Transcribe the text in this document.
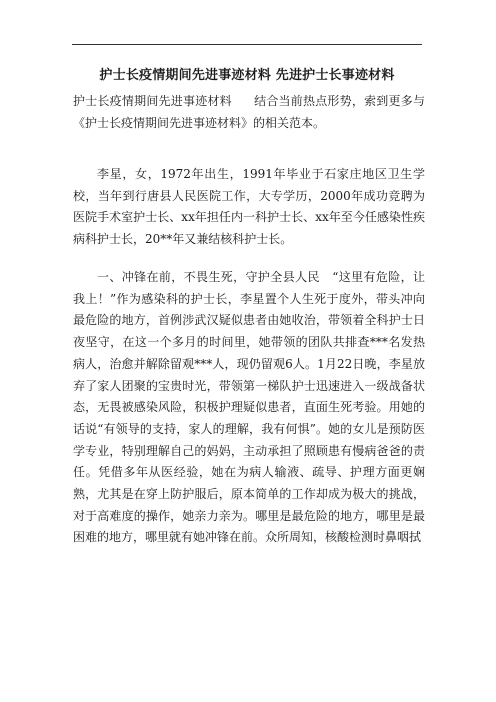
护士长疫情期间先进事迹材料 先进护士长事迹材料

护士长疫情期间先进事迹材料 结合当前热点形势，索到更多与《护士长疫情期间先进事迹材料》的相关范本。

李星，女，1972年出生，1991年毕业于石家庄地区卫生学校，当年到行唐县人民医院工作，大专学历，2000年成功竞聘为医院手术室护士长、xx年担任内一科护士长、xx年至今任感染性疾病科护士长，20**年又兼结核科护士长。

一、冲锋在前，不畏生死，守护全县人民　“这里有危险，让我上！”作为感染科的护士长，李星置个人生死于度外，带头冲向最危险的地方，首例涉武汉疑似患者由她收治，带领着全科护士日夜坚守，在这一个多月的时间里，她带领的团队共排查***名发热病人，治愈并解除留观***人，现仍留观6人。1月22日晚，李星放弃了家人团聚的宝贵时光，带领第一梯队护士迅速进入一级战备状态，无畏被感染风险，积极护理疑似患者，直面生死考验。用她的话说“有领导的支持，家人的理解，我有何惧”。她的女儿是预防医学专业，特别理解自己的妈妈，主动承担了照顾患有慢病爸爸的责任。凭借多年从医经验，她在为病人输液、疏导、护理方面更娴熟，尤其是在穿上防护服后，原本简单的工作却成为极大的挑战，对于高难度的操作，她亲力亲为。哪里是最危险的地方，哪里是最困难的地方，哪里就有她冲锋在前。众所周知，核酸检测时鼻咽拭
